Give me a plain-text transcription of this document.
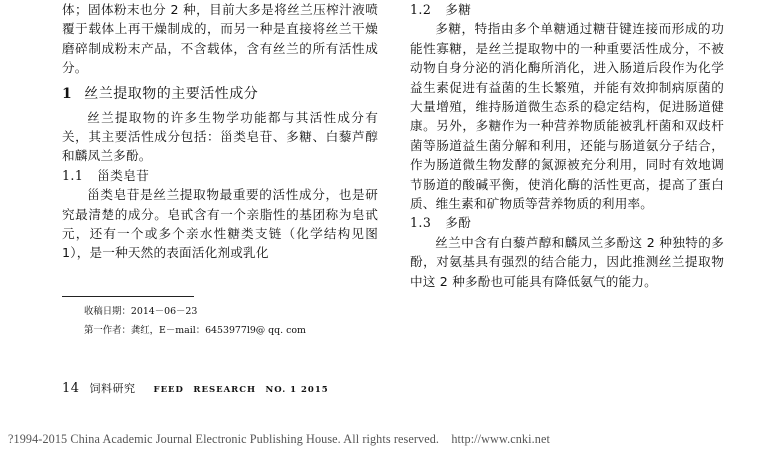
体；固体粉末也分 2 种，目前大多是将丝兰压榨汁液喷覆于载体上再干燥制成的，而另一种是直接将丝兰干燥磨碎制成粉末产品，不含载体，含有丝兰的所有活性成分。

1 丝兰提取物的主要活性成分

丝兰提取物的许多生物学功能都与其活性成分有关，其主要活性成分包括：甾类皂苷、多糖、白藜芦醇和麟凤兰多酚。

1.1 甾类皂苷

甾类皂苷是丝兰提取物最重要的活性成分，也是研究最清楚的成分。皂甙含有一个亲脂性的基团称为皂甙元，还有一个或多个亲水性糖类支链（化学结构见图 1），是一种天然的表面活化剂或乳化

收稿日期：2014－06－23
第一作者：龚红，E－mail：6453977l9@ qq. com
1.2 多糖

多糖，特指由多个单糖通过糖苷键连接而形成的功能性寡糖，是丝兰提取物中的一种重要活性成分，不被动物自身分泌的消化酶所消化，进入肠道后段作为化学益生素促进有益菌的生长繁殖，并能有效抑制病原菌的大量增殖，维持肠道微生态系的稳定结构，促进肠道健康。另外，多糖作为一种营养物质能被乳杆菌和双歧杆菌等肠道益生菌分解和利用，还能与肠道氨分子结合，作为肠道微生物发酵的氮源被充分利用，同时有效地调节肠道的酸碱平衡，使消化酶的活性更高，提高了蛋白质、维生素和矿物质等营养物质的利用率。

1.3 多酚

丝兰中含有白藜芦醇和麟凤兰多酚这 2 种独特的多酚，对氨基具有强烈的结合能力，因此推测丝兰提取物中这 2 种多酚也可能具有降低氨气的能力。

14 饲料研究 FEED　RESEARCH　NO. 1 2015
?1994-2015 China Academic Journal Electronic Publishing House. All rights reserved.　http://www.cnki.net
